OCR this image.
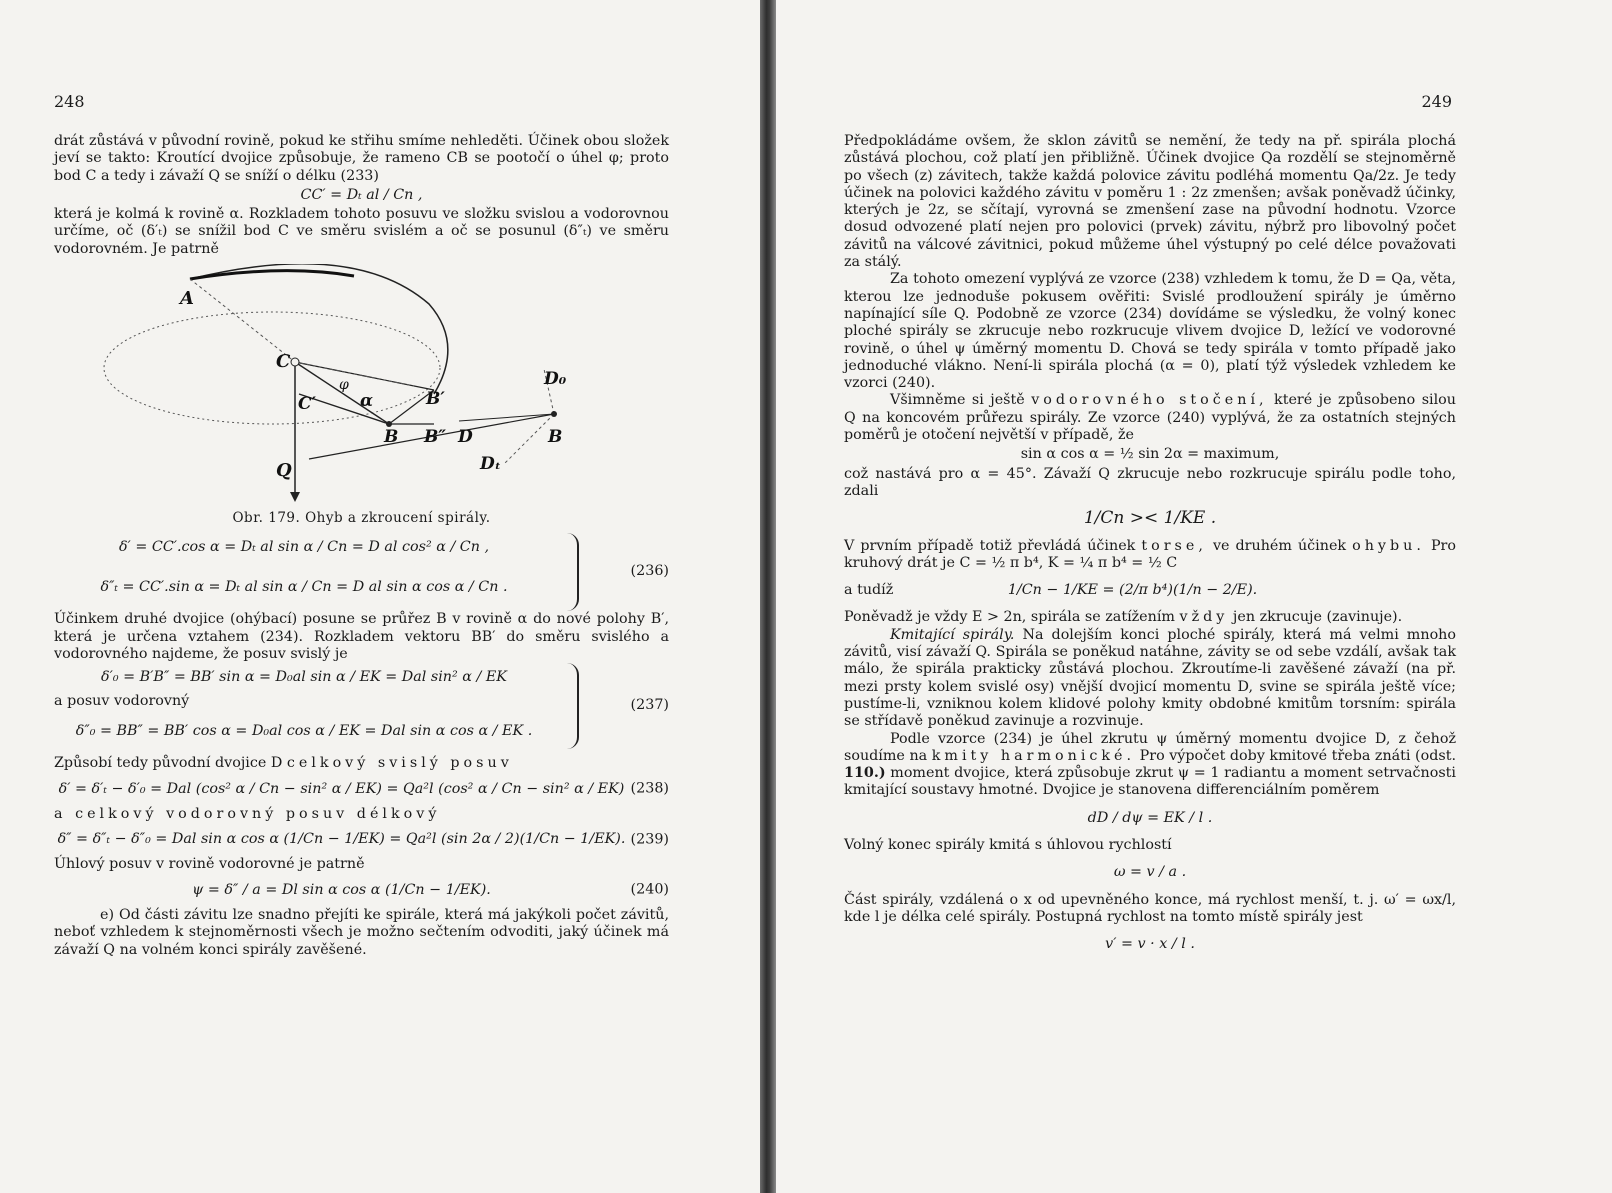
248

drát zůstává v původní rovině, pokud ke střihu smíme nehleděti. Účinek obou složek jeví se takto: Kroutící dvojice způsobuje, že rameno CB se pootočí o úhel φ; proto bod C a tedy i závaží Q se sníží o délku (233)

CC′ = Dₜ al / Cn ,

která je kolmá k rovině α. Rozkladem tohoto posuvu ve složku svislou a vodorovnou určíme, oč (δ′ₜ) se snížil bod C ve směru svislém a oč se posunul (δ″ₜ) ve směru vodorovném. Je patrně

A
C
C′	α
φ
B′
B″
B	D
Dₜ
D₀
B
Q
Obr. 179. Ohyb a zkroucení spirály.
δ′ = CC′.cos α = Dₜ al sin α / Cn = D al cos² α / Cn ,
δ″ₜ = CC′.sin α = Dₜ al sin α / Cn = D al sin α cos α / Cn .
(236)

Účinkem druhé dvojice (ohýbací) posune se průřez B v rovině α do nové polohy B′, která je určena vztahem (234). Rozkladem vektoru BB′ do směru svislého a vodorovného najdeme, že posuv svislý je

δ′₀ = B′B″ = BB′ sin α = D₀al sin α / EK = Dal sin² α / EK
a posuv vodorovný
δ″₀ = BB″ = BB′ cos α = D₀al cos α / EK = Dal sin α cos α / EK .
(237)

Způsobí tedy původní dvojice D celkový svislý posuv

δ′ = δ′ₜ − δ′₀ = Dal (cos² α / Cn − sin² α / EK) = Qa²l (cos² α / Cn − sin² α / EK) (238)

a celkový vodorovný posuv délkový

δ″ = δ″ₜ − δ″₀ = Dal sin α cos α (1/Cn − 1/EK) = Qa²l (sin 2α / 2)(1/Cn − 1/EK). (239)

Úhlový posuv v rovině vodorovné je patrně

ψ = δ″ / a = Dl sin α cos α (1/Cn − 1/EK).	(240)

e) Od části závitu lze snadno přejíti ke spirále, která má jakýkoli počet závitů, neboť vzhledem k stejnoměrnosti všech je možno sečtením odvoditi, jaký účinek má závaží Q na volném konci spirály zavěšené.

249

Předpokládáme ovšem, že sklon závitů se nemění, že tedy na př. spirála plochá zůstává plochou, což platí jen přibližně. Účinek dvojice Qa rozdělí se stejnoměrně po všech (z) závitech, takže každá polovice závitu podléhá momentu Qa/2z. Je tedy účinek na polovici každého závitu v poměru 1 : 2z zmenšen; avšak poněvadž účinky, kterých je 2z, se sčítají, vyrovná se zmenšení zase na původní hodnotu. Vzorce dosud odvozené platí nejen pro polovici (prvek) závitu, nýbrž pro libovolný počet závitů na válcové závitnici, pokud můžeme úhel výstupný po celé délce považovati za stálý.

Za tohoto omezení vyplývá ze vzorce (238) vzhledem k tomu, že D = Qa, věta, kterou lze jednoduše pokusem ověřiti: Svislé prodloužení spirály je úměrno napínající síle Q. Podobně ze vzorce (234) dovídáme se výsledku, že volný konec ploché spirály se zkrucuje nebo rozkrucuje vlivem dvojice D, ležící ve vodorovné rovině, o úhel ψ úměrný momentu D. Chová se tedy spirála v tomto případě jako jednoduché vlákno. Není-li spirála plochá (α = 0), platí týž výsledek vzhledem ke vzorci (240).

Všimněme si ještě vodorovného stočení, které je způsobeno silou Q na koncovém průřezu spirály. Ze vzorce (240) vyplývá, že za ostatních stejných poměrů je otočení největší v případě, že

sin α cos α = ½ sin 2α = maximum,

což nastává pro α = 45°. Závaží Q zkrucuje nebo rozkrucuje spirálu podle toho, zdali

1/Cn >< 1/KE .

V prvním případě totiž převládá účinek torse, ve druhém účinek ohybu. Pro kruhový drát je C = ½ π b⁴, K = ¼ π b⁴ = ½ C

a tudíž	1/Cn − 1/KE = (2/π b⁴)(1/n − 2/E).

Poněvadž je vždy E > 2n, spirála se zatížením vždy jen zkrucuje (zavinuje).

Kmitající spirály. Na dolejším konci ploché spirály, která má velmi mnoho závitů, visí závaží Q. Spirála se poněkud natáhne, závity se od sebe vzdálí, avšak tak málo, že spirála prakticky zůstává plochou. Zkroutíme-li zavěšené závaží (na př. mezi prsty kolem svislé osy) vnější dvojicí momentu D, svine se spirála ještě více; pustíme-li, vzniknou kolem klidové polohy kmity obdobné kmitům torsním: spirála se střídavě poněkud zavinuje a rozvinuje.

Podle vzorce (234) je úhel zkrutu ψ úměrný momentu dvojice D, z čehož soudíme na kmity harmonické. Pro výpočet doby kmitové třeba znáti (odst. 110.) moment dvojice, která způsobuje zkrut ψ = 1 radiantu a moment setrvačnosti kmitající soustavy hmotné. Dvojice je stanovena differenciálním poměrem

dD / dψ = EK / l .

Volný konec spirály kmitá s úhlovou rychlostí

ω = v / a .

Část spirály, vzdálená o x od upevněného konce, má rychlost menší, t. j. ω′ = ωx/l, kde l je délka celé spirály. Postupná rychlost na tomto místě spirály jest

v′ = v · x / l .
